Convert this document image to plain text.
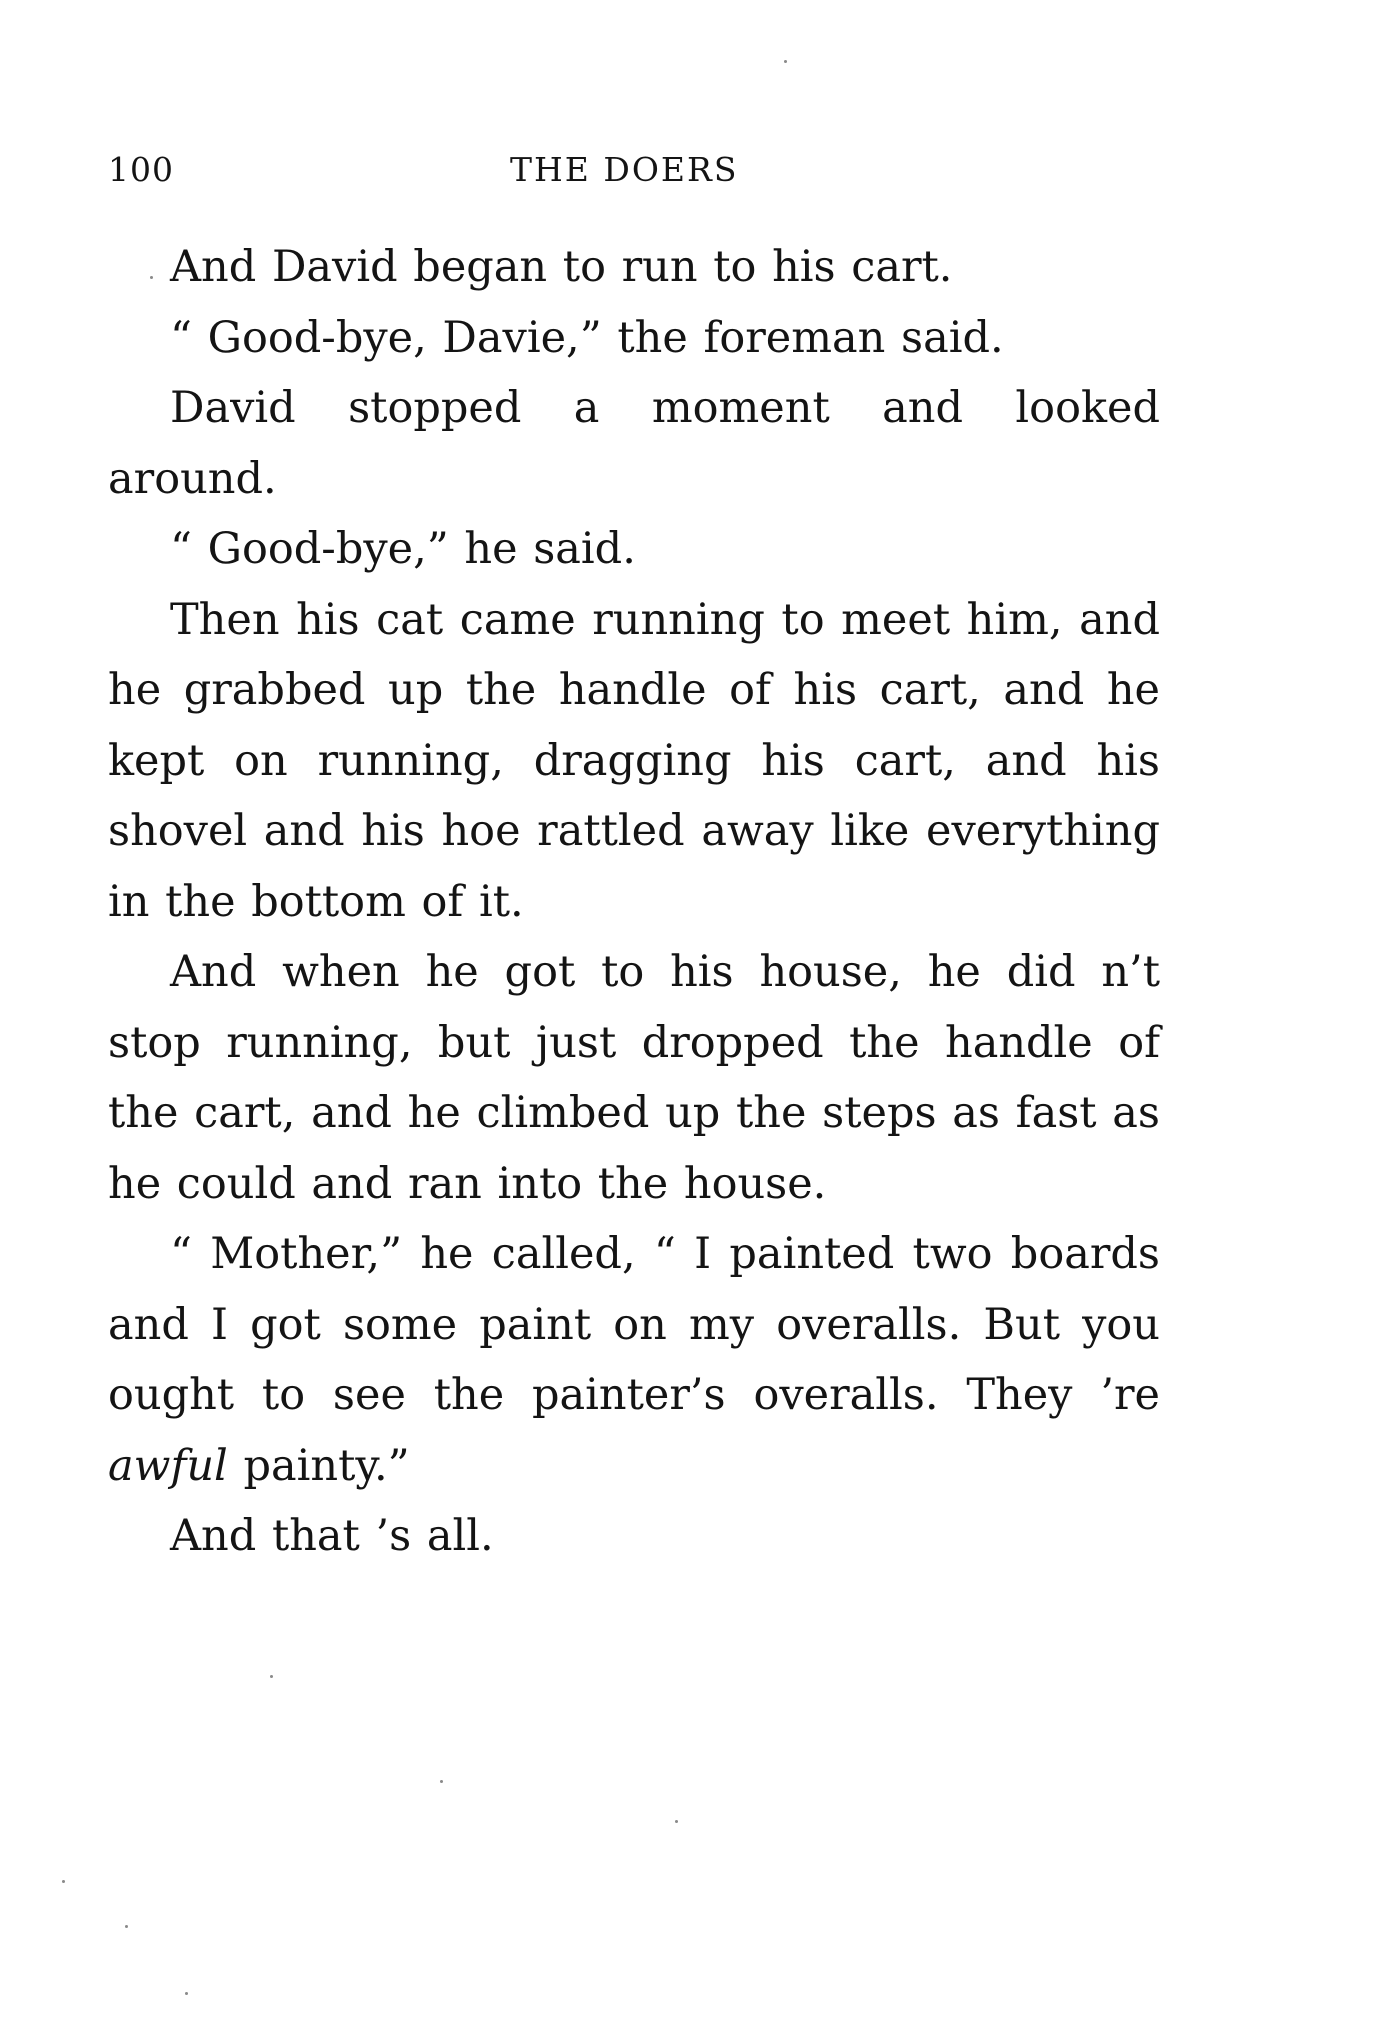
100	THE DOERS

And David began to run to his cart.

“ Good-bye, Davie,” the foreman said.

David stopped a moment and looked around.

“ Good-bye,” he said.

Then his cat came running to meet him, and he grabbed up the handle of his cart, and he kept on running, dragging his cart, and his shovel and his hoe rattled away like everything in the bottom of it.

And when he got to his house, he did n’t stop running, but just dropped the handle of the cart, and he climbed up the steps as fast as he could and ran into the house.

“ Mother,” he called, “ I painted two boards and I got some paint on my overalls. But you ought to see the painter’s overalls. They ’re awful painty.”

And that ’s all.
